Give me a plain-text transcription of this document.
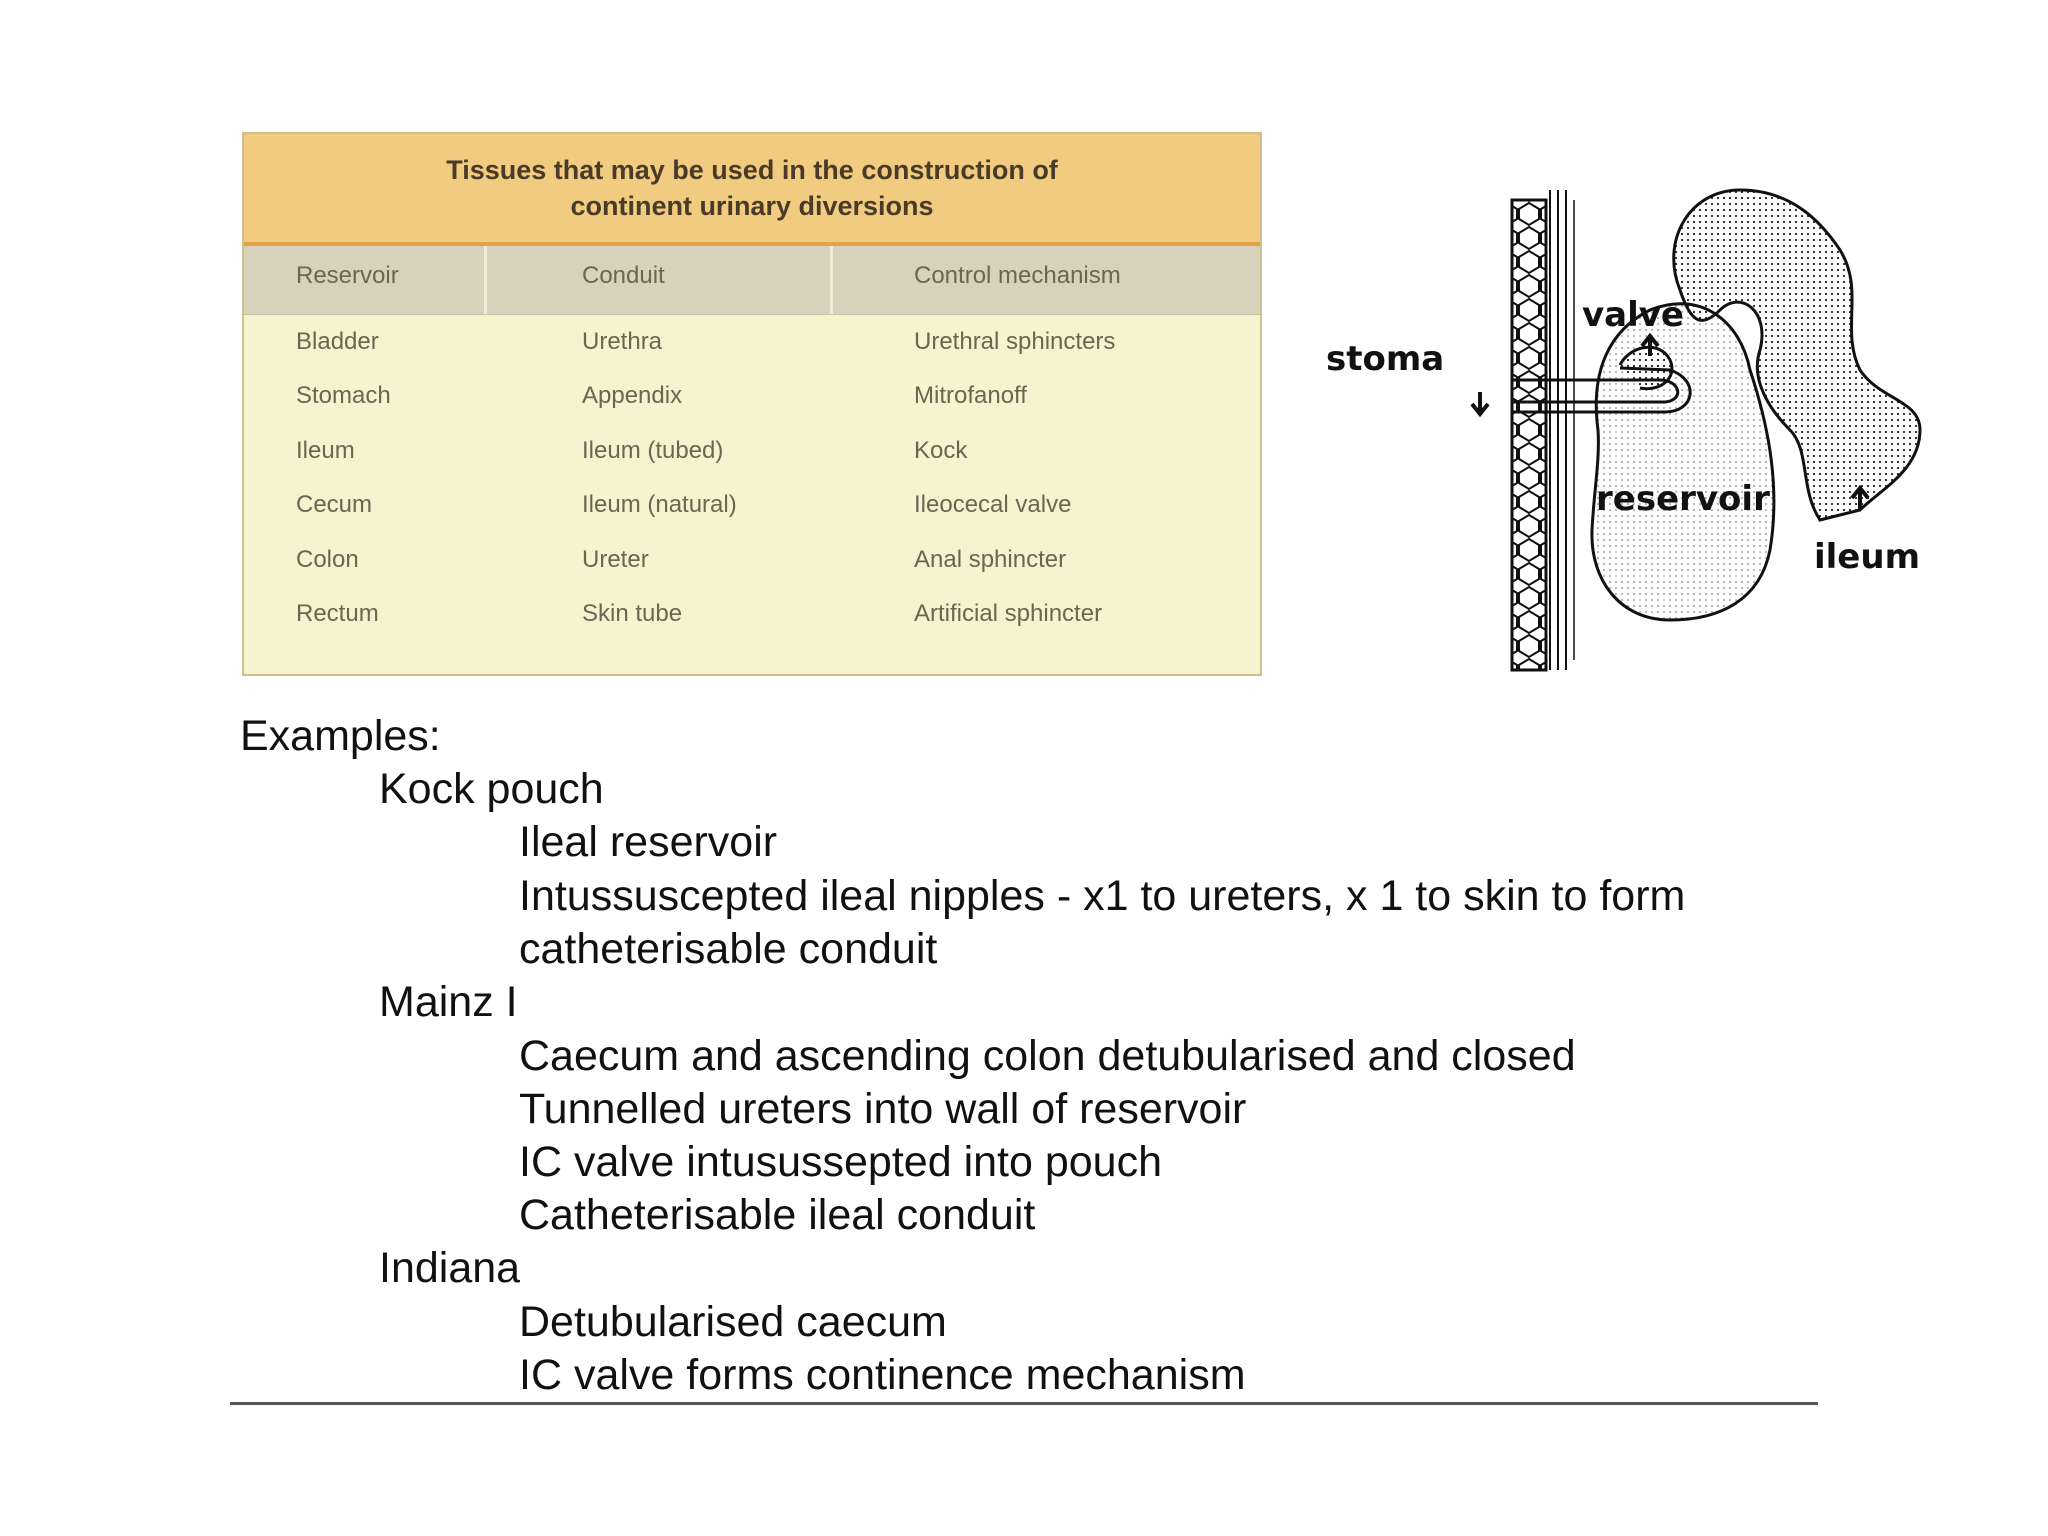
Tissues that may be used in the construction of
continent urinary diversions
Reservoir	Conduit	Control mechanism
Bladder	Urethra	Urethral sphincters
Stomach	Appendix	Mitrofanoff
Ileum	Ileum (tubed)	Kock
Cecum	Ileum (natural)	Ileocecal valve
Colon	Ureter	Anal sphincter
Rectum	Skin tube	Artificial sphincter
stoma
valve
reservoir
ileum
Examples:
Kock pouch
Ileal reservoir
Intussuscepted ileal nipples - x1 to ureters, x 1 to skin to form
catheterisable conduit
Mainz I
Caecum and ascending colon detubularised and closed
Tunnelled ureters into wall of reservoir
IC valve intusussepted into pouch
Catheterisable ileal conduit
Indiana
Detubularised caecum
IC valve forms continence mechanism
